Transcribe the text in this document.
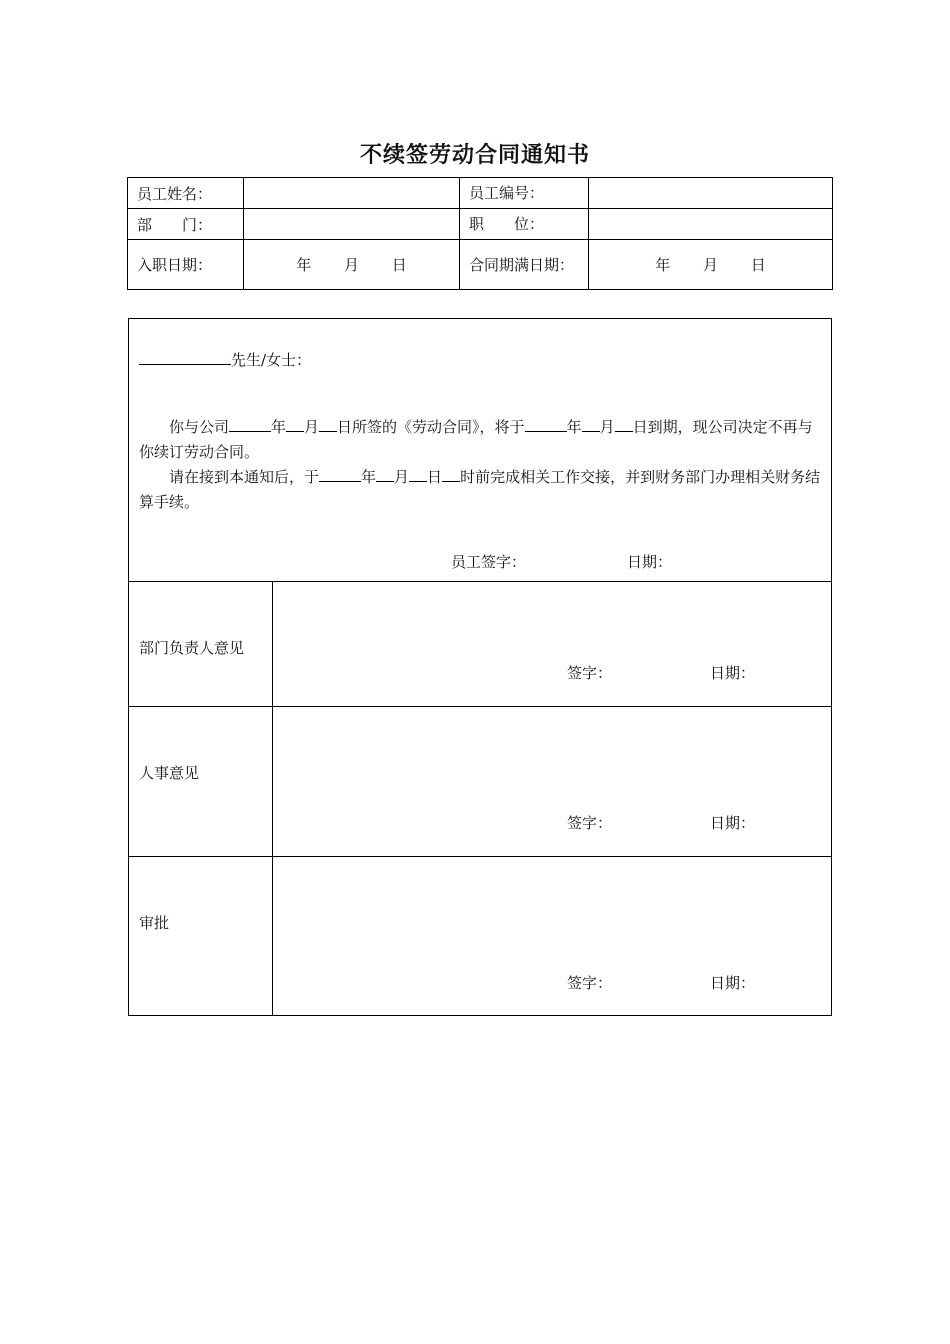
不续签劳动合同通知书
员工姓名：		员工编号：	
部　　门：		职　　位：	
入职日期：	年 月 日	合同期满日期：	年 月 日
先生/女士：

你与公司	年 月 日所签的《劳动合同》，将于	年 月 日到期，现公司决定不再与你续订劳动合同。

请在接到本通知后，于	年 月 日 时前完成相关工作交接，并到财务部门办理相关财务结算手续。

员工签字：	日期：
部门负责人意见
签字：	日期：
人事意见
签字：	日期：
审批
签字：	日期：
